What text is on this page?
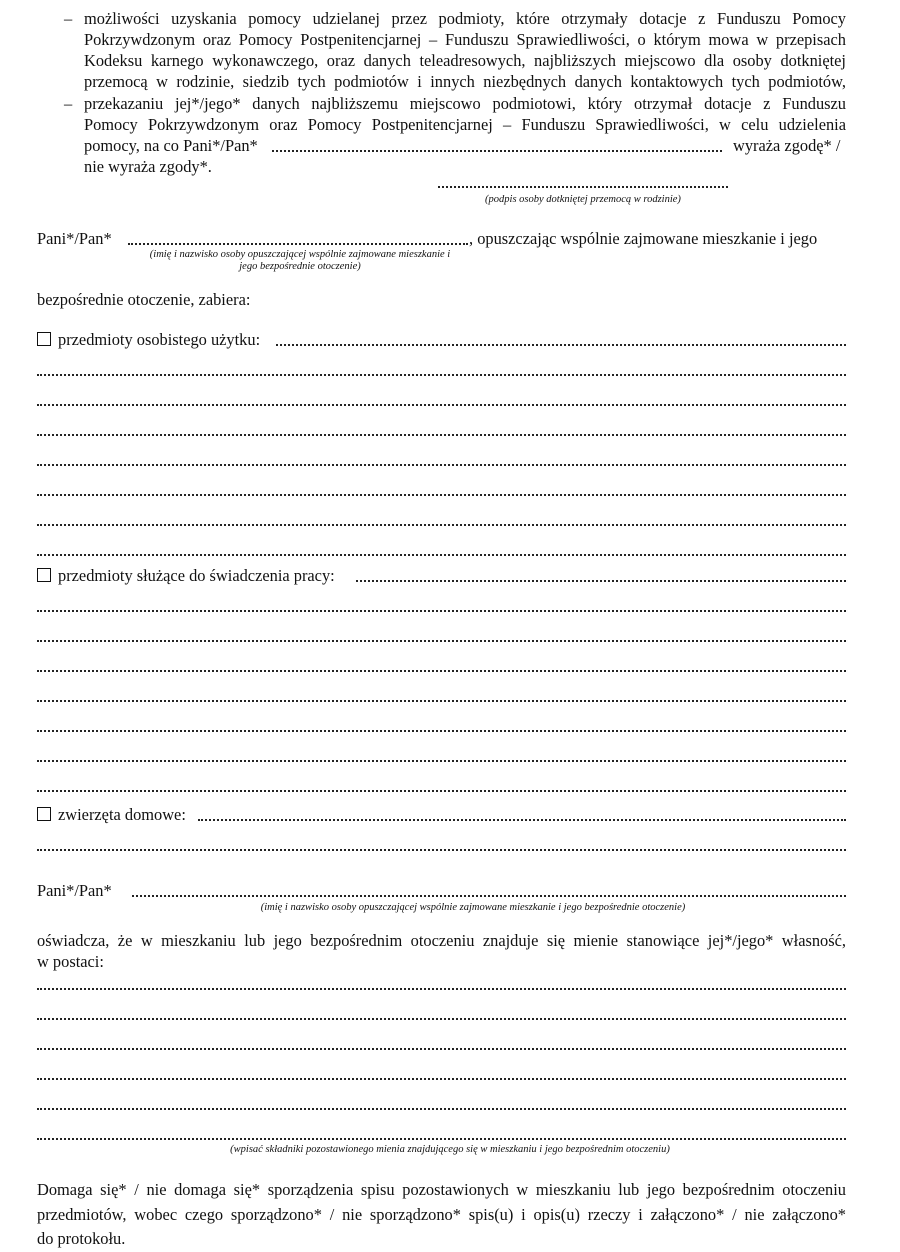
– możliwości uzyskania pomocy udzielanej przez podmioty, które otrzymały dotacje z Funduszu Pomocy
Pokrzywdzonym oraz Pomocy Postpenitencjarnej – Funduszu Sprawiedliwości, o którym mowa w przepisach
Kodeksu karnego wykonawczego, oraz danych teleadresowych, najbliższych miejscowo dla osoby dotkniętej
przemocą w rodzinie, siedzib tych podmiotów i innych niezbędnych danych kontaktowych tych podmiotów,
– przekazaniu jej*/jego* danych najbliższemu miejscowo podmiotowi, który otrzymał dotacje z Funduszu
Pomocy Pokrzywdzonym oraz Pomocy Postpenitencjarnej – Funduszu Sprawiedliwości, w celu udzielenia
pomocy, na co Pani*/Pan*	wyraża zgodę* /
nie wyraża zgody*.
(podpis osoby dotkniętej przemocą w rodzinie)
Pani*/Pan*	, opuszczając wspólnie zajmowane mieszkanie i jego
(imię i nazwisko osoby opuszczającej wspólnie zajmowane mieszkanie i jego bezpośrednie otoczenie)
bezpośrednie otoczenie, zabiera:
przedmioty osobistego użytku:
przedmioty służące do świadczenia pracy:
zwierzęta domowe:
Pani*/Pan*
(imię i nazwisko osoby opuszczającej wspólnie zajmowane mieszkanie i jego bezpośrednie otoczenie)
oświadcza, że w mieszkaniu lub jego bezpośrednim otoczeniu znajduje się mienie stanowiące jej*/jego* własność,
w postaci:
(wpisać składniki pozostawionego mienia znajdującego się w mieszkaniu i jego bezpośrednim otoczeniu)
Domaga się* / nie domaga się* sporządzenia spisu pozostawionych w mieszkaniu lub jego bezpośrednim otoczeniu
przedmiotów, wobec czego sporządzono* / nie sporządzono* spis(u) i opis(u) rzeczy i załączono* / nie załączono*
do protokołu.
